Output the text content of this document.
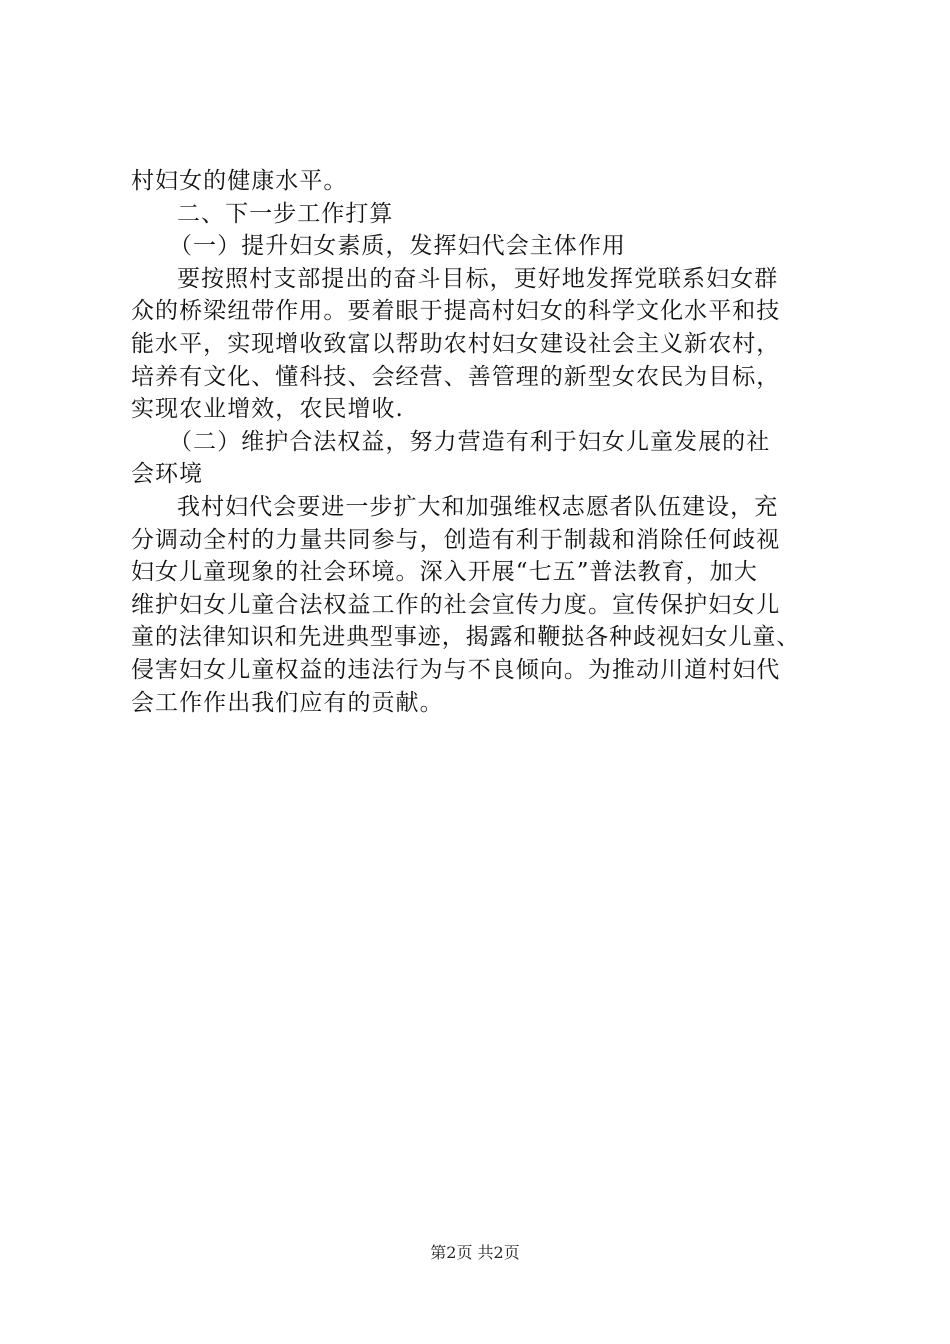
村妇女的健康水平。
二、下一步工作打算
（一）提升妇女素质，发挥妇代会主体作用
要按照村支部提出的奋斗目标，更好地发挥党联系妇女群
众的桥梁纽带作用。要着眼于提高村妇女的科学文化水平和技
能水平，实现增收致富以帮助农村妇女建设社会主义新农村，
培养有文化、懂科技、会经营、善管理的新型女农民为目标，
实现农业增效，农民增收.
（二）维护合法权益，努力营造有利于妇女儿童发展的社
会环境
我村妇代会要进一步扩大和加强维权志愿者队伍建设，充
分调动全村的力量共同参与，创造有利于制裁和消除任何歧视
妇女儿童现象的社会环境。深入开展“七五”普法教育，加大
维护妇女儿童合法权益工作的社会宣传力度。宣传保护妇女儿
童的法律知识和先进典型事迹，揭露和鞭挞各种歧视妇女儿童、
侵害妇女儿童权益的违法行为与不良倾向。为推动川道村妇代
会工作作出我们应有的贡献。
第2页 共2页
